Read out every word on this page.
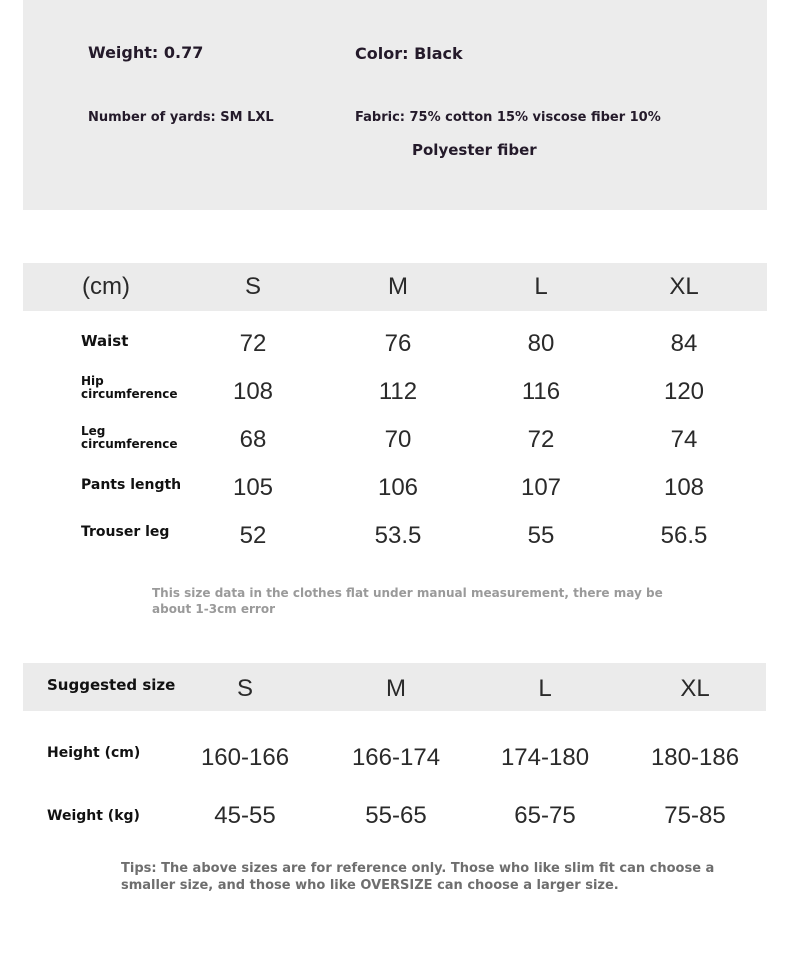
Weight: 0.77	Color: Black
Number of yards: SM LXL	Fabric: 75% cotton 15% viscose fiber 10%
Polyester fiber
(cm)	S	M	L	XL
Waist	72	76	80	84
Hip
circumference 108	112	116	120
Leg
circumference	68	70	72	74
Pants length 105	106	107	108
Trouser leg	52	53.5	55	56.5
This size data in the clothes flat under manual measurement, there may be
about 1-3cm error
Suggested size	S	M	L	XL
Height (cm)	160-166	166-174	174-180	180-186
Weight (kg)	45-55	55-65	65-75	75-85
Tips: The above sizes are for reference only. Those who like slim fit can choose a
smaller size, and those who like OVERSIZE can choose a larger size.
